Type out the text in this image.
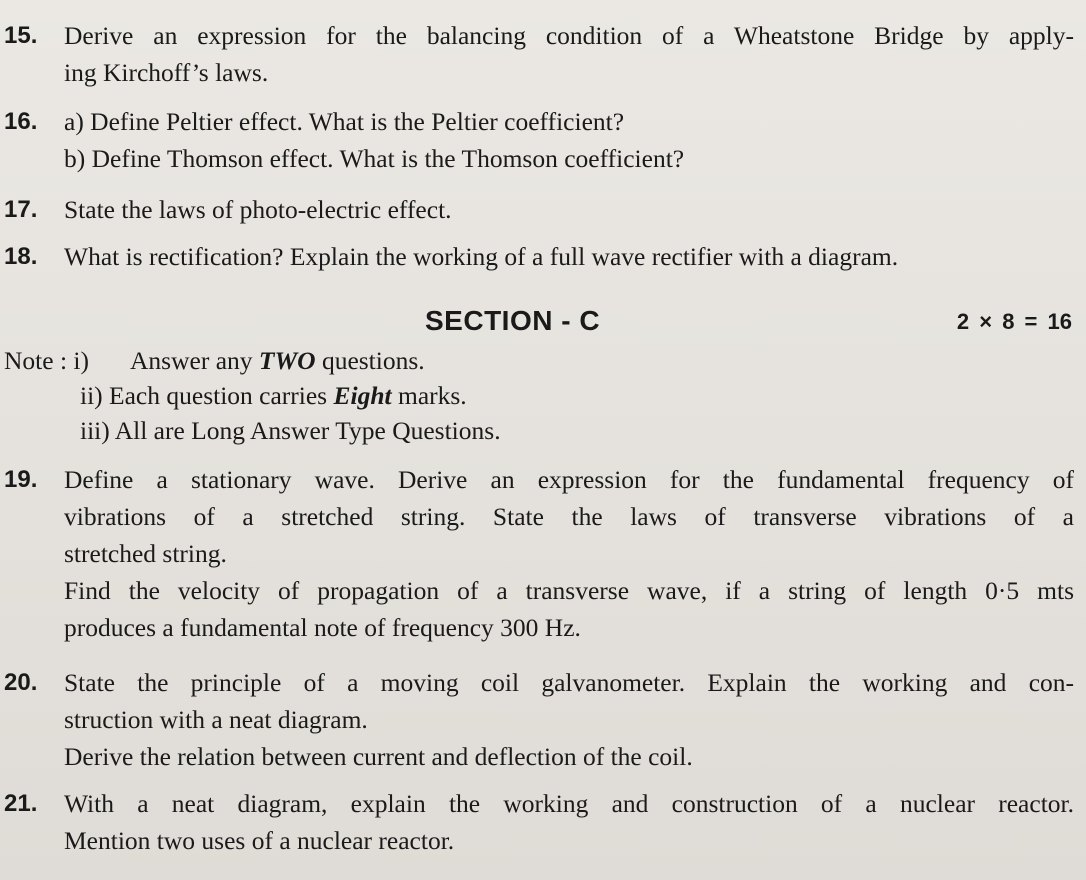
15. Derive an expression for the balancing condition of a Wheatstone Bridge by apply-
ing Kirchoff’s laws.
16. a) Define Peltier effect. What is the Peltier coefficient?
b) Define Thomson effect. What is the Thomson coefficient?
17. State the laws of photo-electric effect.
18. What is rectification? Explain the working of a full wave rectifier with a diagram.
SECTION - C	2 × 8 = 16
Note : i) Answer any TWO questions.
ii) Each question carries Eight marks.
iii) All are Long Answer Type Questions.
19. Define a stationary wave. Derive an expression for the fundamental frequency of
vibrations of a stretched string. State the laws of transverse vibrations of a
stretched string.
Find the velocity of propagation of a transverse wave, if a string of length 0·5 mts
produces a fundamental note of frequency 300 Hz.
20. State the principle of a moving coil galvanometer. Explain the working and con-
struction with a neat diagram.
Derive the relation between current and deflection of the coil.
21. With a neat diagram, explain the working and construction of a nuclear reactor.
Mention two uses of a nuclear reactor.
